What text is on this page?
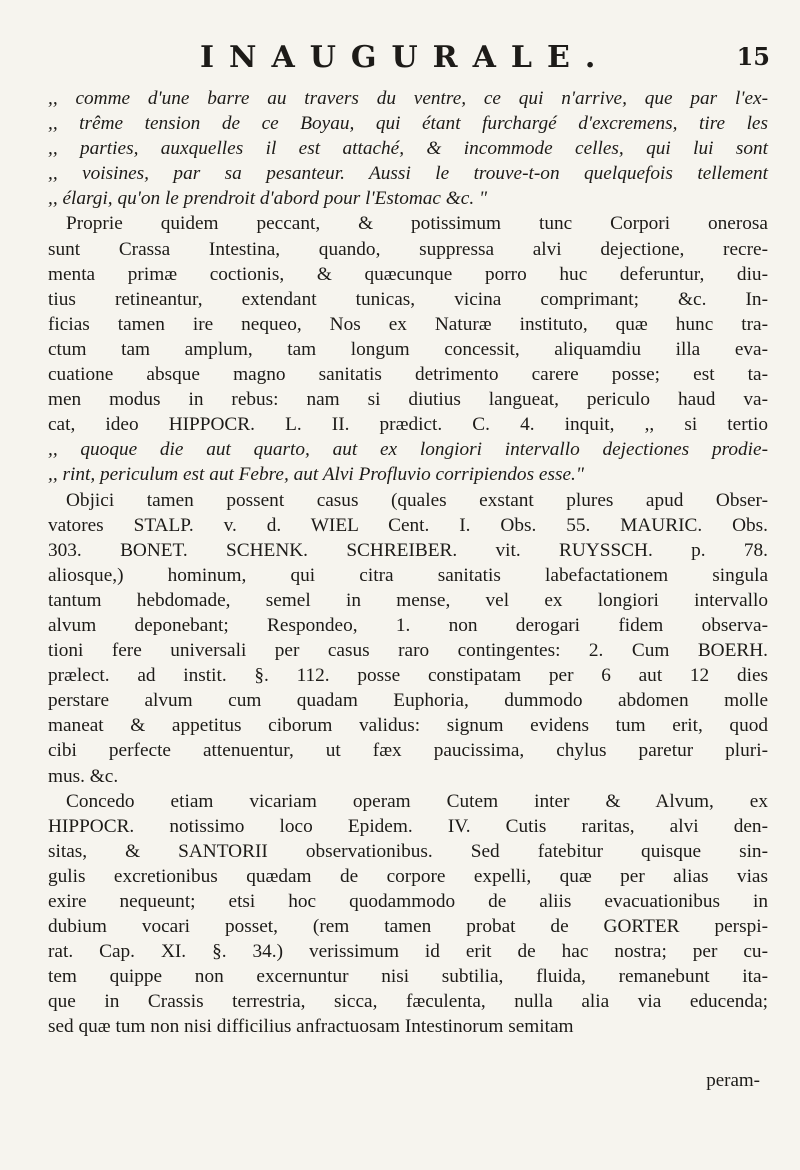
INAUGURALE.	15
,, comme d'une barre au travers du ventre, ce qui n'arrive, que par l'ex-
,, trême tension de ce Boyau, qui étant furchargé d'excremens, tire les
,, parties, auxquelles il est attaché, & incommode celles, qui lui sont
,, voisines, par sa pesanteur. Aussi le trouve-t-on quelquefois tellement
,, élargi, qu'on le prendroit d'abord pour l'Estomac &c. "
Proprie quidem peccant, & potissimum tunc Corpori onerosa
sunt Crassa Intestina, quando, suppressa alvi dejectione, recre-
menta primæ coctionis, & quæcunque porro huc deferuntur, diu-
tius retineantur, extendant tunicas, vicina comprimant; &c. In-
ficias tamen ire nequeo, Nos ex Naturæ instituto, quæ hunc tra-
ctum tam amplum, tam longum concessit, aliquamdiu illa eva-
cuatione absque magno sanitatis detrimento carere posse; est ta-
men modus in rebus: nam si diutius langueat, periculo haud va-
cat, ideo HIPPOCR. L. II. prædict. C. 4. inquit, ,, si tertio
,, quoque die aut quarto, aut ex longiori intervallo dejectiones prodie-
,, rint, periculum est aut Febre, aut Alvi Profluvio corripiendos esse."
Objici tamen possent casus (quales exstant plures apud Obser-
vatores STALP. v. d. WIEL Cent. I. Obs. 55. MAURIC. Obs.
303. BONET. SCHENK. SCHREIBER. vit. RUYSSCH. p. 78.
aliosque,) hominum, qui citra sanitatis labefactationem singula
tantum hebdomade, semel in mense, vel ex longiori intervallo
alvum deponebant; Respondeo, 1. non derogari fidem observa-
tioni fere universali per casus raro contingentes: 2. Cum BOERH.
prælect. ad instit. §. 112. posse constipatam per 6 aut 12 dies
perstare alvum cum quadam Euphoria, dummodo abdomen molle
maneat & appetitus ciborum validus: signum evidens tum erit, quod
cibi perfecte attenuentur, ut fæx paucissima, chylus paretur pluri-
mus. &c.
Concedo etiam vicariam operam Cutem inter & Alvum, ex
HIPPOCR. notissimo loco Epidem. IV. Cutis raritas, alvi den-
sitas, & SANTORII observationibus. Sed fatebitur quisque sin-
gulis excretionibus quædam de corpore expelli, quæ per alias vias
exire nequeunt; etsi hoc quodammodo de aliis evacuationibus in
dubium vocari posset, (rem tamen probat de GORTER perspi-
rat. Cap. XI. §. 34.) verissimum id erit de hac nostra; per cu-
tem quippe non excernuntur nisi subtilia, fluida, remanebunt ita-
que in Crassis terrestria, sicca, fæculenta, nulla alia via educenda;
sed quæ tum non nisi difficilius anfractuosam Intestinorum semitam
peram-
